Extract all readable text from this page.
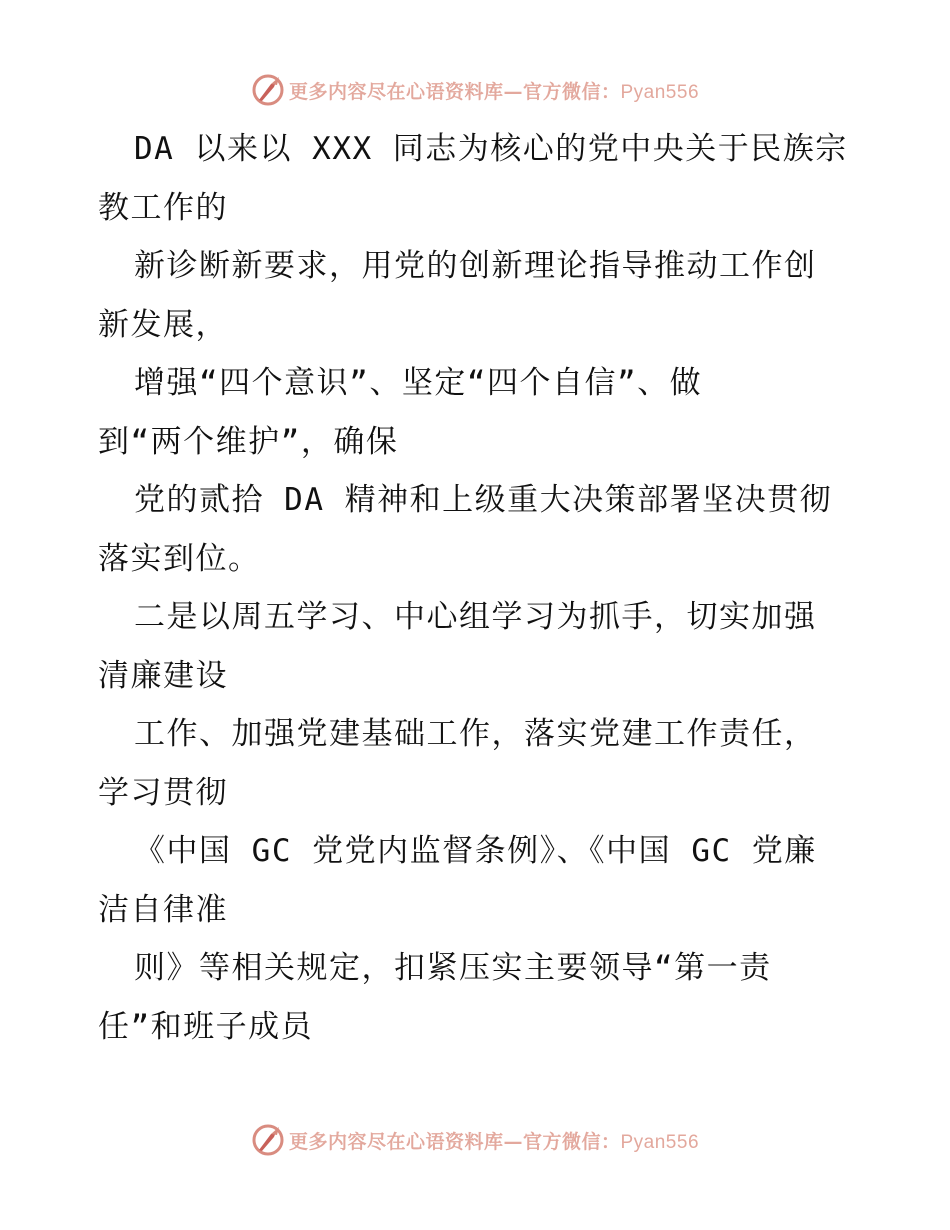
更多内容尽在心语资料库—官方微信：Pyan556
DA 以来以 XXX 同志为核心的党中央关于民族宗
教工作的
新诊断新要求，用党的创新理论指导推动工作创
新发展，
增强“四个意识”、坚定“四个自信”、做
到“两个维护”，确保
党的贰拾 DA 精神和上级重大决策部署坚决贯彻
落实到位。
二是以周五学习、中心组学习为抓手，切实加强
清廉建设
工作、加强党建基础工作，落实党建工作责任，
学习贯彻
《中国 GC 党党内监督条例》、《中国 GC 党廉
洁自律准
则》等相关规定，扣紧压实主要领导“第一责
任”和班子成员
更多内容尽在心语资料库—官方微信：Pyan556
